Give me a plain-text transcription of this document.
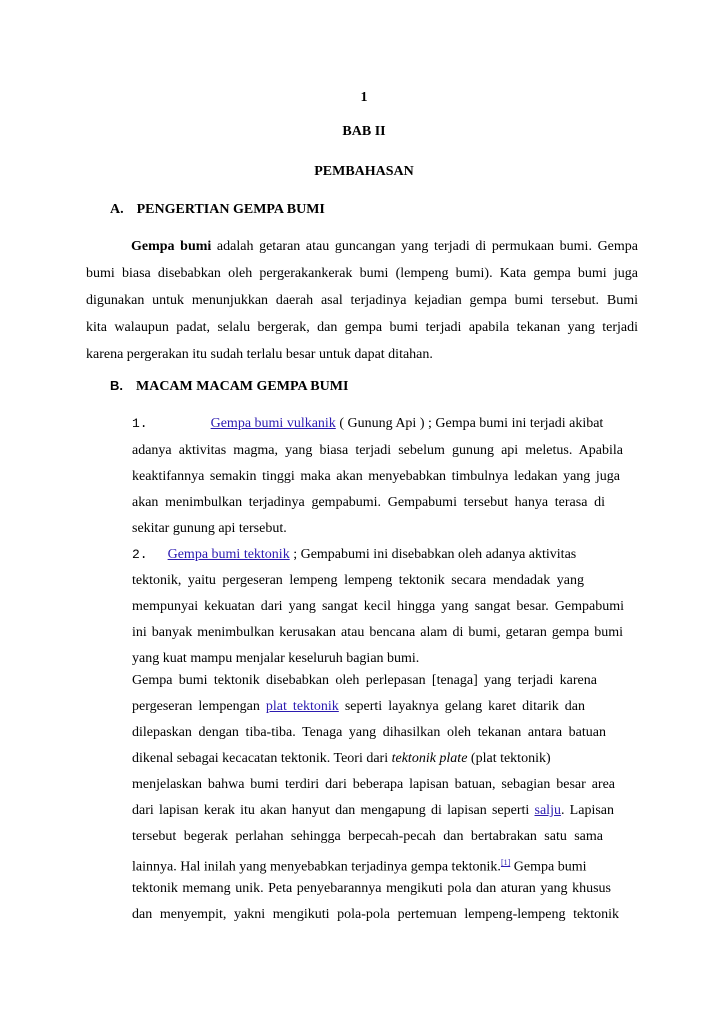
1
BAB II
PEMBAHASAN
A. PENGERTIAN GEMPA BUMI
Gempa bumi adalah getaran atau guncangan yang terjadi di permukaan bumi. Gempa
bumi biasa disebabkan oleh pergerakankerak bumi (lempeng bumi). Kata gempa bumi juga
digunakan untuk menunjukkan daerah asal terjadinya kejadian gempa bumi tersebut. Bumi
kita walaupun padat, selalu bergerak, dan gempa bumi terjadi apabila tekanan yang terjadi
karena pergerakan itu sudah terlalu besar untuk dapat ditahan.
B. MACAM MACAM GEMPA BUMI
1.	Gempa bumi vulkanik ( Gunung Api ) ; Gempa bumi ini terjadi akibat
adanya aktivitas magma, yang biasa terjadi sebelum gunung api meletus. Apabila
keaktifannya semakin tinggi maka akan menyebabkan timbulnya ledakan yang juga
akan menimbulkan terjadinya gempabumi. Gempabumi tersebut hanya terasa di
sekitar gunung api tersebut.
2. Gempa bumi tektonik ; Gempabumi ini disebabkan oleh adanya aktivitas
tektonik, yaitu pergeseran lempeng lempeng tektonik secara mendadak yang
mempunyai kekuatan dari yang sangat kecil hingga yang sangat besar. Gempabumi
ini banyak menimbulkan kerusakan atau bencana alam di bumi, getaran gempa bumi
yang kuat mampu menjalar keseluruh bagian bumi.
Gempa bumi tektonik disebabkan oleh perlepasan [tenaga] yang terjadi karena
pergeseran lempengan plat tektonik seperti layaknya gelang karet ditarik dan
dilepaskan dengan tiba-tiba. Tenaga yang dihasilkan oleh tekanan antara batuan
dikenal sebagai kecacatan tektonik. Teori dari tektonik plate (plat tektonik)
menjelaskan bahwa bumi terdiri dari beberapa lapisan batuan, sebagian besar area
dari lapisan kerak itu akan hanyut dan mengapung di lapisan seperti salju. Lapisan
tersebut begerak perlahan sehingga berpecah-pecah dan bertabrakan satu sama
lainnya. Hal inilah yang menyebabkan terjadinya gempa tektonik.[1] Gempa bumi
tektonik memang unik. Peta penyebarannya mengikuti pola dan aturan yang khusus
dan menyempit, yakni mengikuti pola-pola pertemuan lempeng-lempeng tektonik
